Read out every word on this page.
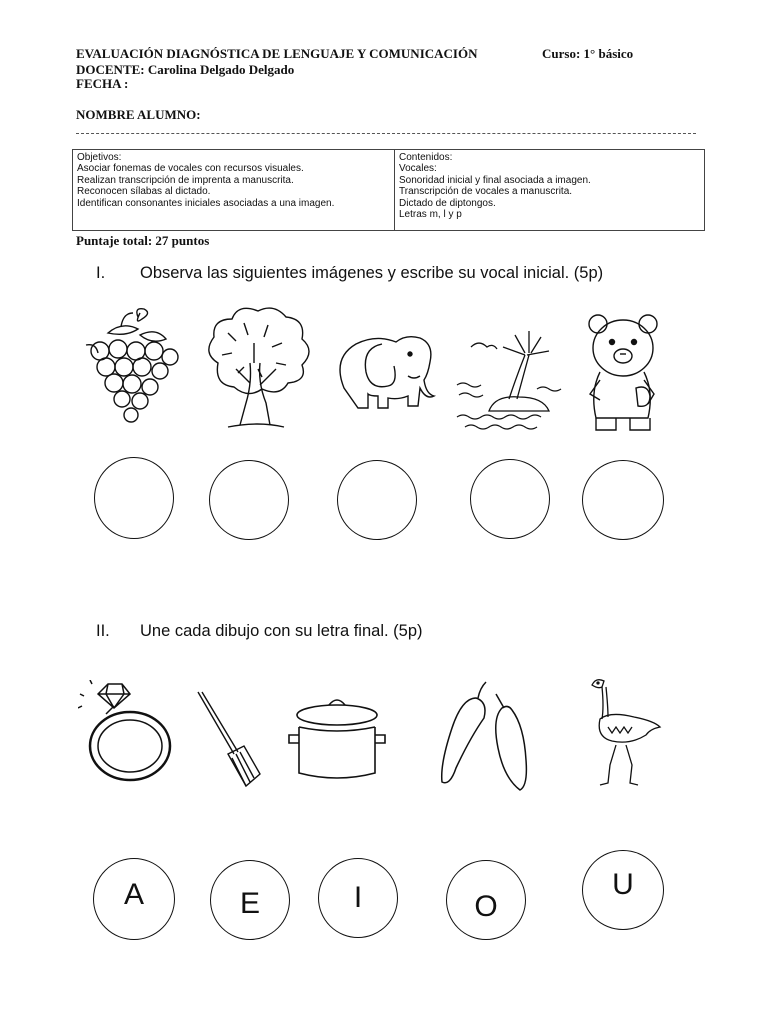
EVALUACIÓN DIAGNÓSTICA DE LENGUAJE Y COMUNICACIÓN	Curso: 1° básico
DOCENTE: Carolina Delgado Delgado
FECHA :
NOMBRE ALUMNO:
Objetivos:
Asociar fonemas de vocales con recursos visuales.
Realizan transcripción de imprenta a manuscrita.
Reconocen sílabas al dictado.
Identifican consonantes iniciales asociadas a una imagen.

Contenidos:
Vocales:
Sonoridad inicial y final asociada a imagen.
Transcripción de vocales a manuscrita.
Dictado de diptongos.
Letras m, l y p
Puntaje total: 27 puntos
I. Observa las siguientes imágenes y escribe su vocal inicial. (5p)
II. Une cada dibujo con su letra final. (5p)
A	E	I	O
U
